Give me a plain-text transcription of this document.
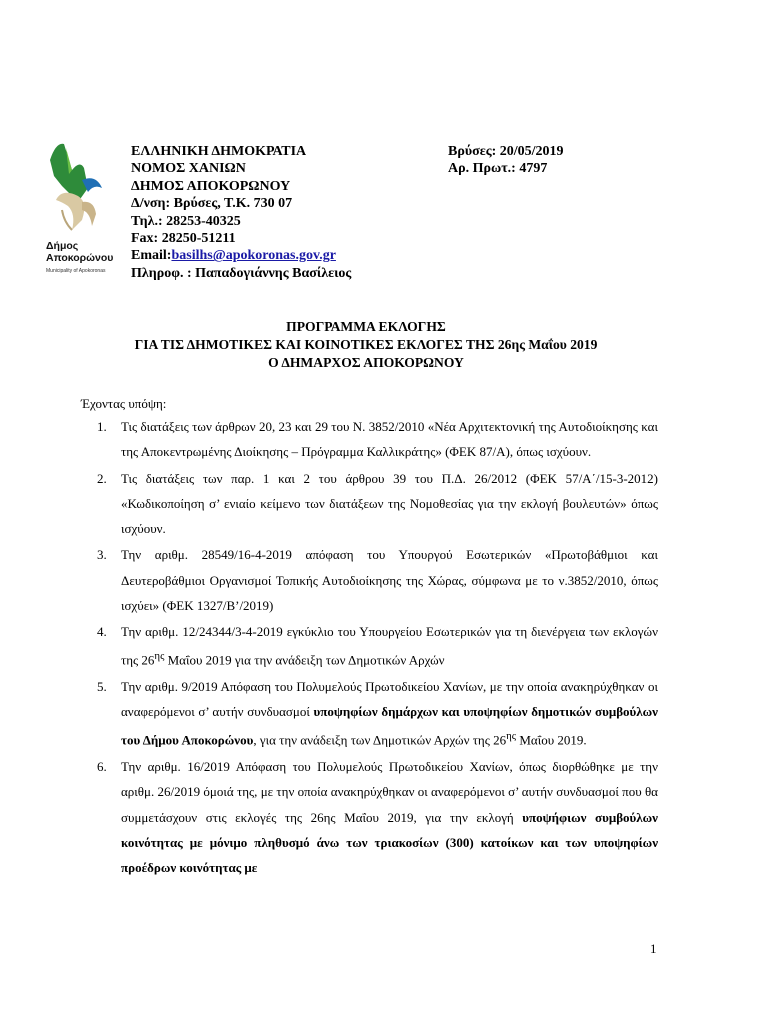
Δήμος
Αποκορώνου
Municipality of Apokoronas
ΕΛΛΗΝΙΚΗ ΔΗΜΟΚΡΑΤΙΑ
ΝΟΜΟΣ ΧΑΝΙΩΝ
ΔΗΜΟΣ ΑΠΟΚΟΡΩΝΟΥ
Δ/νση: Βρύσες, Τ.Κ. 730 07
Τηλ.: 28253-40325
Fax: 28250-51211
Email:basilhs@apokoronas.gov.gr
Πληροφ. : Παπαδογιάννης Βασίλειος
Βρύσες: 20/05/2019
Αρ. Πρωτ.: 4797
ΠΡΟΓΡΑΜΜΑ ΕΚΛΟΓΗΣ
ΓΙΑ ΤΙΣ ΔΗΜΟΤΙΚΕΣ ΚΑΙ ΚΟΙΝΟΤΙΚΕΣ ΕΚΛΟΓΕΣ ΤΗΣ 26ης Μαΐου 2019
Ο ΔΗΜΑΡΧΟΣ ΑΠΟΚΟΡΩΝΟΥ
Έχοντας υπόψη:
1. Τις διατάξεις των άρθρων 20, 23 και 29 του Ν. 3852/2010 «Νέα Αρχιτεκτονική της Αυτοδιοίκησης και της Αποκεντρωμένης Διοίκησης – Πρόγραμμα Καλλικράτης» (ΦΕΚ 87/Α), όπως ισχύουν.
2. Τις διατάξεις των παρ. 1 και 2 του άρθρου 39 του Π.Δ. 26/2012 (ΦΕΚ 57/Α΄/15-3-2012) «Κωδικοποίηση σ’ ενιαίο κείμενο των διατάξεων της Νομοθεσίας για την εκλογή βουλευτών» όπως ισχύουν.
3. Την αριθμ. 28549/16-4-2019 απόφαση του Υπουργού Εσωτερικών «Πρωτοβάθμιοι και Δευτεροβάθμιοι Οργανισμοί Τοπικής Αυτοδιοίκησης της Χώρας, σύμφωνα με το ν.3852/2010, όπως ισχύει» (ΦΕΚ 1327/Β’/2019)
4. Την αριθμ. 12/24344/3-4-2019 εγκύκλιο του Υπουργείου Εσωτερικών για τη διενέργεια των εκλογών της $26^{\eta\varsigma}$ Μαΐου 2019 για την ανάδειξη των Δημοτικών Αρχών
5. Την αριθμ. 9/2019 Απόφαση του Πολυμελούς Πρωτοδικείου Χανίων, με την οποία ανακηρύχθηκαν οι αναφερόμενοι σ’ αυτήν συνδυασμοί υποψηφίων δημάρχων και υποψηφίων δημοτικών συμβούλων του Δήμου Αποκορώνου, για την ανάδειξη των Δημοτικών Αρχών της $26^{\eta\varsigma}$ Μαΐου 2019.
6. Την αριθμ. 16/2019 Απόφαση του Πολυμελούς Πρωτοδικείου Χανίων, όπως διορθώθηκε με την αριθμ. 26/2019 όμοιά της, με την οποία ανακηρύχθηκαν οι αναφερόμενοι σ’ αυτήν συνδυασμοί που θα συμμετάσχουν στις εκλογές της 26ης Μαΐου 2019, για την εκλογή υποψήφιων συμβούλων κοινότητας με μόνιμο πληθυσμό άνω των τριακοσίων (300) κατοίκων και των υποψηφίων προέδρων κοινότητας με
1
